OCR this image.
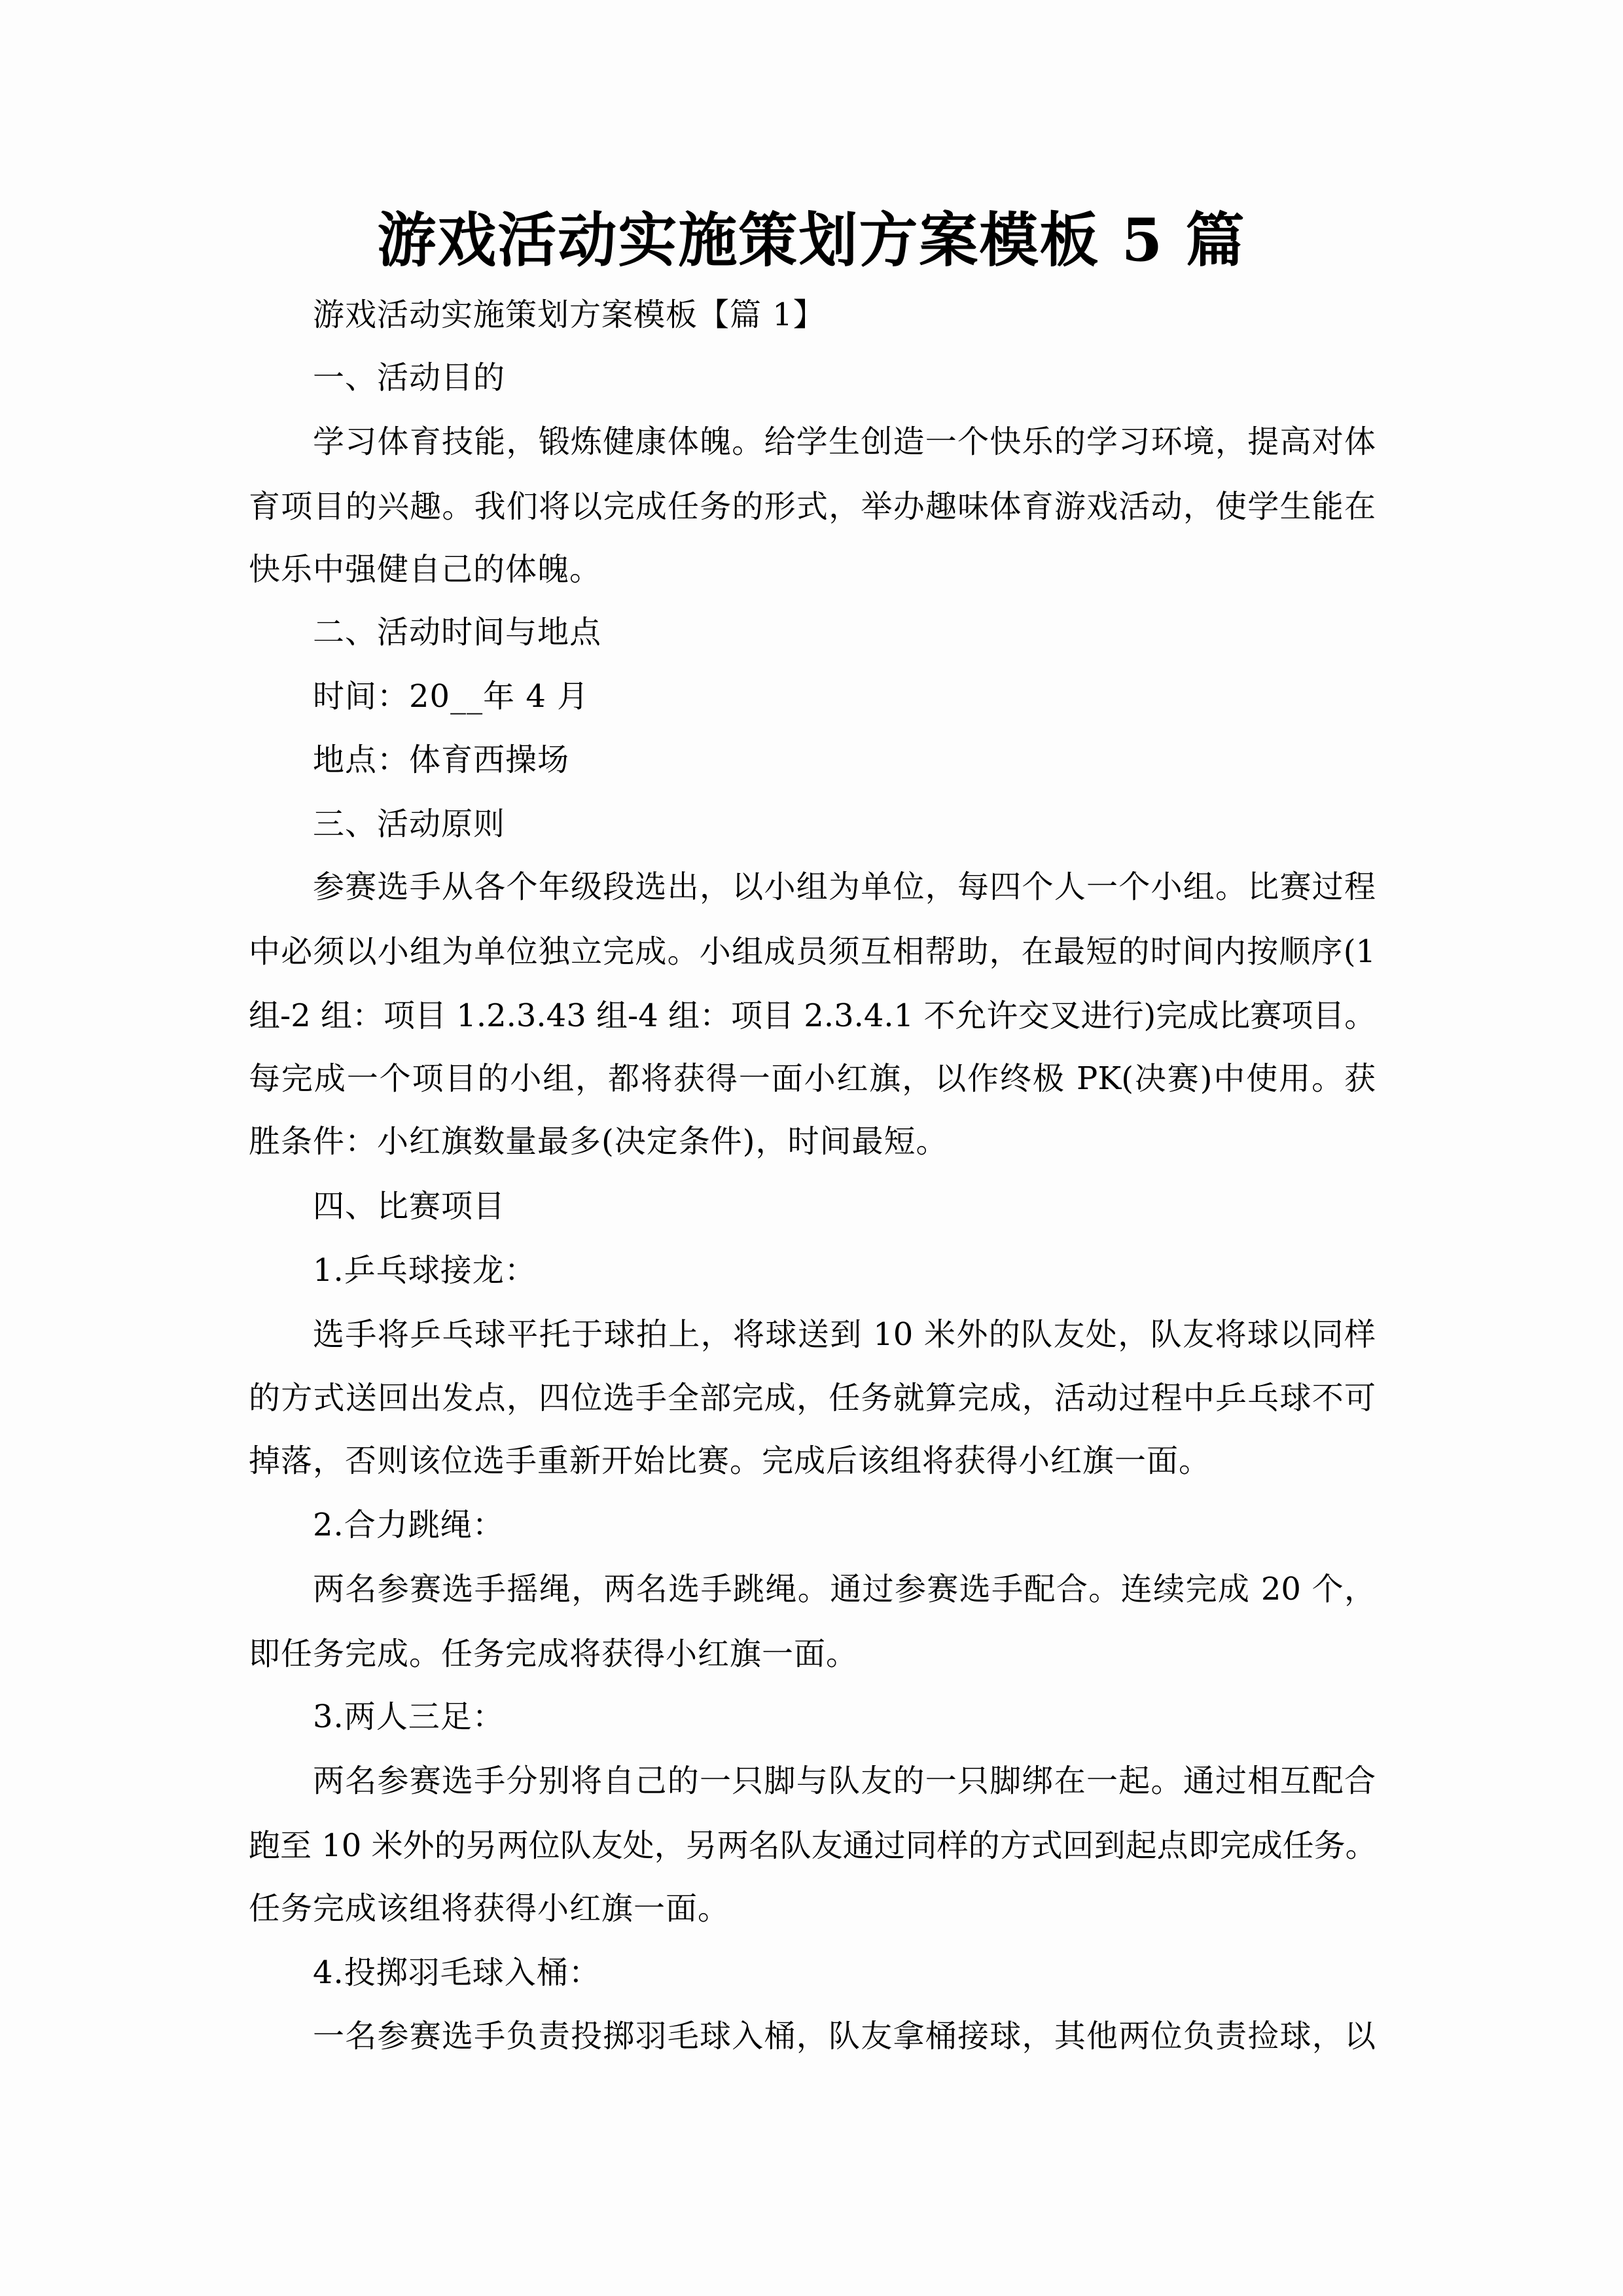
游戏活动实施策划方案模板 5 篇
游戏活动实施策划方案模板【篇 1】
一、活动目的
学习体育技能，锻炼健康体魄。给学生创造一个快乐的学习环境，提高对体
育项目的兴趣。我们将以完成任务的形式，举办趣味体育游戏活动，使学生能在
快乐中强健自己的体魄。
二、活动时间与地点
时间：20__年 4 月
地点：体育西操场
三、活动原则
参赛选手从各个年级段选出，以小组为单位，每四个人一个小组。比赛过程
中必须以小组为单位独立完成。小组成员须互相帮助，在最短的时间内按顺序(1
组-2 组：项目 1.2.3.43 组-4 组：项目 2.3.4.1 不允许交叉进行)完成比赛项目。
每完成一个项目的小组，都将获得一面小红旗，以作终极 PK(决赛)中使用。获
胜条件：小红旗数量最多(决定条件)，时间最短。
四、比赛项目
1.乒乓球接龙：
选手将乒乓球平托于球拍上，将球送到 10 米外的队友处，队友将球以同样
的方式送回出发点，四位选手全部完成，任务就算完成，活动过程中乒乓球不可
掉落，否则该位选手重新开始比赛。完成后该组将获得小红旗一面。
2.合力跳绳：
两名参赛选手摇绳，两名选手跳绳。通过参赛选手配合。连续完成 20 个，
即任务完成。任务完成将获得小红旗一面。
3.两人三足：
两名参赛选手分别将自己的一只脚与队友的一只脚绑在一起。通过相互配合
跑至 10 米外的另两位队友处，另两名队友通过同样的方式回到起点即完成任务。
任务完成该组将获得小红旗一面。
4.投掷羽毛球入桶：
一名参赛选手负责投掷羽毛球入桶，队友拿桶接球，其他两位负责捡球，以
